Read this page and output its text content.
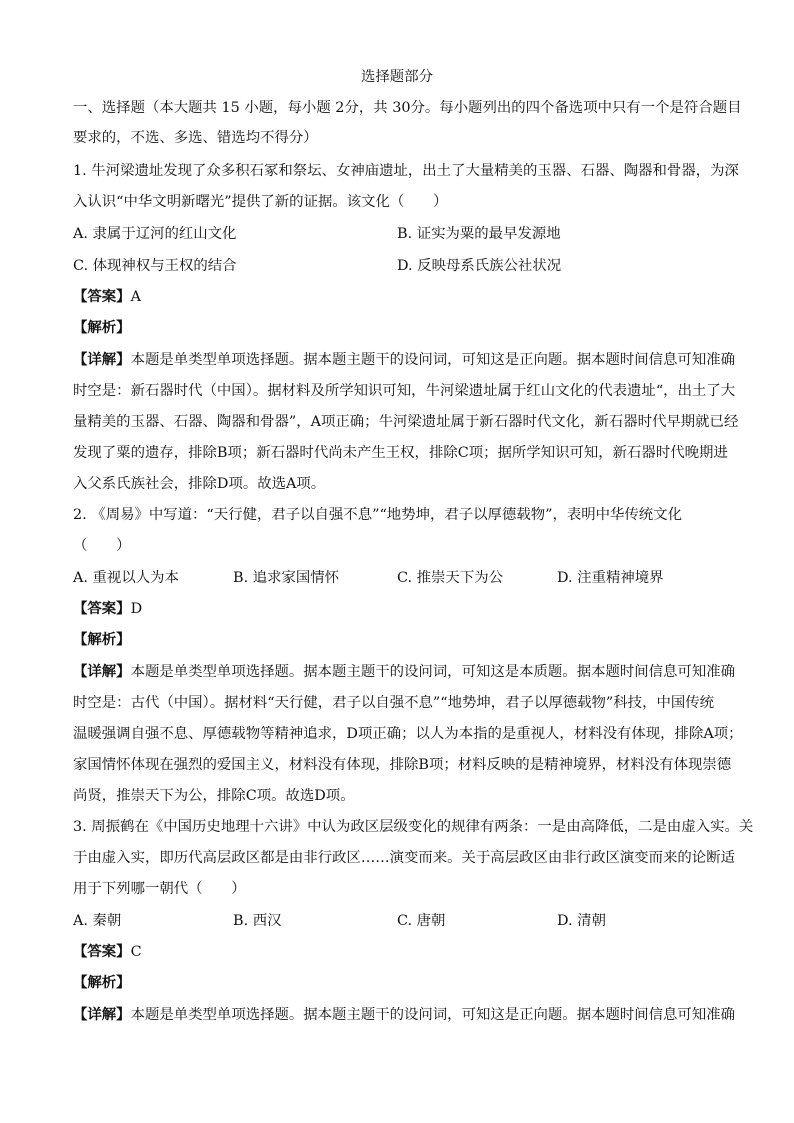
选择题部分
一、选择题（本大题共 15 小题，每小题 2分，共 30分。每小题列出的四个备选项中只有一个是符合题目
要求的，不选、多选、错选均不得分）
1. 牛河梁遗址发现了众多积石冢和祭坛、女神庙遗址，出土了大量精美的玉器、石器、陶器和骨器，为深
入认识“中华文明新曙光”提供了新的证据。该文化（　　）
A. 隶属于辽河的红山文化	B. 证实为粟的最早发源地
C. 体现神权与王权的结合	D. 反映母系氏族公社状况
【答案】A
【解析】
【详解】本题是单类型单项选择题。据本题主题干的设问词，可知这是正向题。据本题时间信息可知准确
时空是：新石器时代（中国）。据材料及所学知识可知，牛河梁遗址属于红山文化的代表遗址“，出土了大
量精美的玉器、石器、陶器和骨器”，A项正确；牛河梁遗址属于新石器时代文化，新石器时代早期就已经
发现了粟的遗存，排除B项；新石器时代尚未产生王权，排除C项；据所学知识可知，新石器时代晚期进
入父系氏族社会，排除D项。故选A项。
2. 《周易》中写道：“天行健，君子以自强不息”“地势坤，君子以厚德载物”，表明中华传统文化
（　　）
A. 重视以人为本	B. 追求家国情怀	C. 推崇天下为公	D. 注重精神境界
【答案】D
【解析】
【详解】本题是单类型单项选择题。据本题主题干的设问词，可知这是本质题。据本题时间信息可知准确
时空是：古代（中国）。据材料“天行健，君子以自强不息”“地势坤，君子以厚德载物”科技，中国传统
温暖强调自强不息、厚德载物等精神追求，D项正确；以人为本指的是重视人，材料没有体现，排除A项；
家国情怀体现在强烈的爱国主义，材料没有体现，排除B项；材料反映的是精神境界，材料没有体现崇德
尚贤，推崇天下为公，排除C项。故选D项。
3. 周振鹤在《中国历史地理十六讲》中认为政区层级变化的规律有两条：一是由高降低，二是由虚入实。关
于由虚入实，即历代高层政区都是由非行政区……演变而来。关于高层政区由非行政区演变而来的论断适
用于下列哪一朝代（　　）
A. 秦朝	B. 西汉	C. 唐朝	D. 清朝
【答案】C
【解析】
【详解】本题是单类型单项选择题。据本题主题干的设问词，可知这是正向题。据本题时间信息可知准确
